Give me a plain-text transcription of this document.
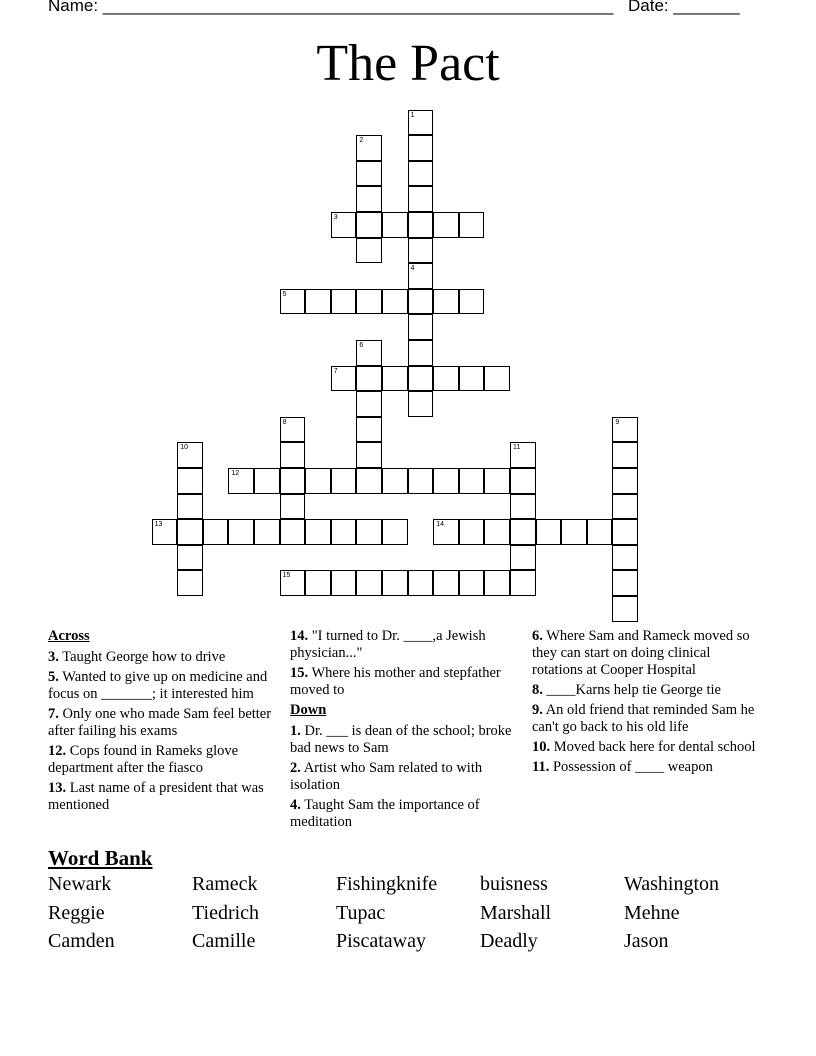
Name: ______________________________________________________ Date: _______
The Pact
1
2
3
4
5
6
7
8	9
10	11
12
13	14
15
Across
3. Taught George how to drive
5. Wanted to give up on medicine and focus on _______; it interested him
7. Only one who made Sam feel better after failing his exams
12. Cops found in Rameks glove department after the fiasco
13. Last name of a president that was mentioned
14. "I turned to Dr. ____,a Jewish physician..."
15. Where his mother and stepfather moved to
Down
1. Dr. ___ is dean of the school; broke bad news to Sam
2. Artist who Sam related to with isolation
4. Taught Sam the importance of meditation
6. Where Sam and Rameck moved so they can start on doing clinical rotations at Cooper Hospital
8. ____Karns help tie George tie
9. An old friend that reminded Sam he can't go back to his old life
10. Moved back here for dental school
11. Possession of ____ weapon
Word Bank
Newark	Rameck	Fishingknife buisness	Washington
Reggie	Tiedrich	Tupac	Marshall	Mehne
Camden	Camille	Piscataway	Deadly	Jason
